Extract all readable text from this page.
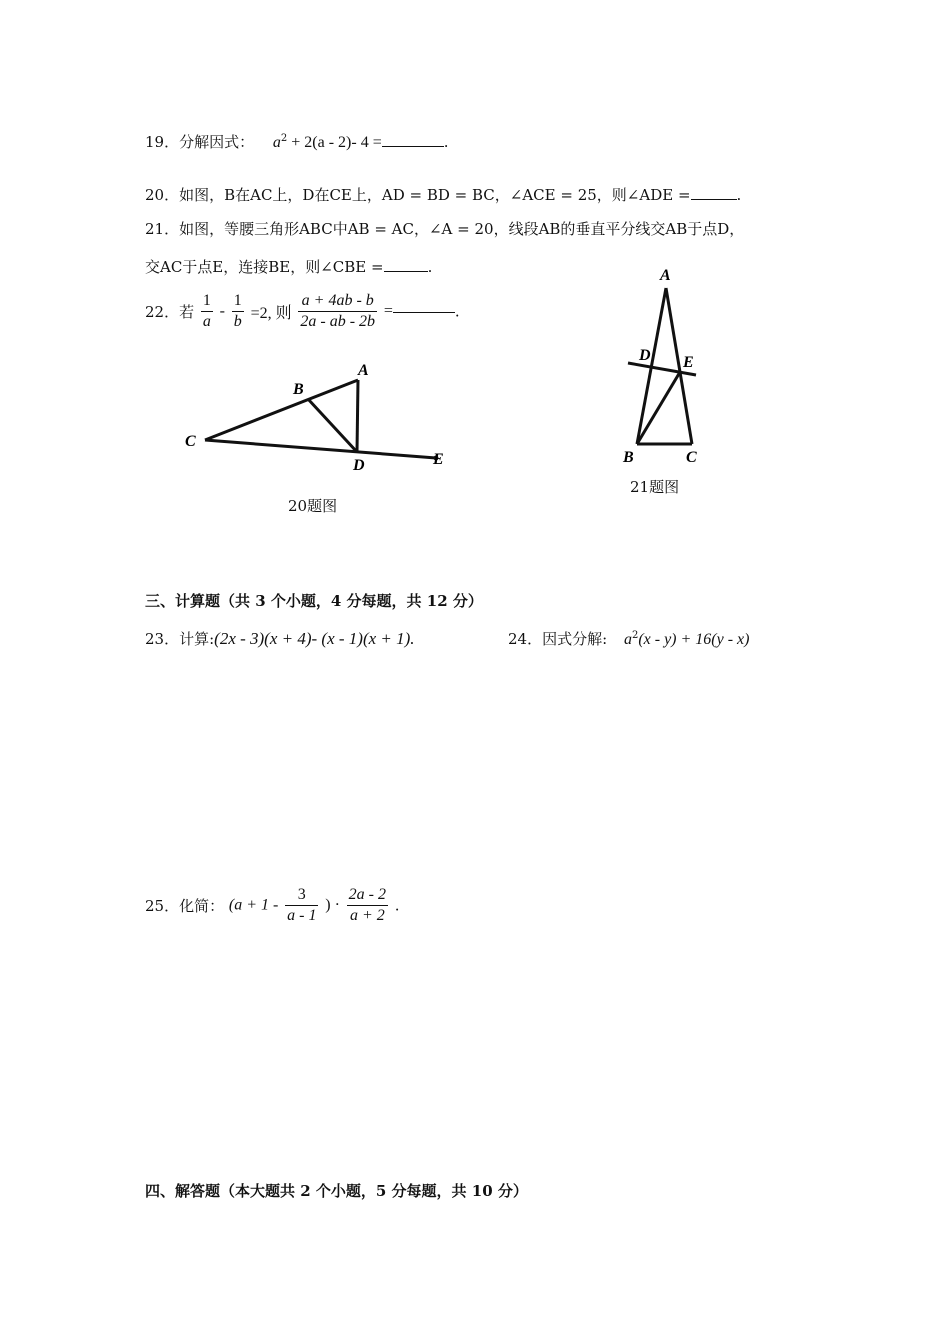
19．分解因式： $a^2 + 2(a - 2)-$ 4 =	.
20．如图，B在AC上，D在CE上，AD = BD = BC，∠ACE = 25，则∠ADE =	.
21．如图，等腰三角形ABC中AB = AC，∠A = 20，线段AB的垂直平分线交AB于点D，
交AC于点E，连接BE，则∠CBE =	.
22．若 $\frac{1}{a} - \frac{1}{b} =2$, 则 $\frac{a + 4ab - b}{2a - ab - 2b}$ =	.
A
B
C
D	E
20题图
A
D E
B	C
21题图
三、计算题（共 3 个小题，4 分每题，共 12 分）
23．计算:(2x - 3)(x + 4)- (x - 1)(x + 1).	24．因式分解: $a^2(x - y) + 16(y - x)$
25．化简： ($a + 1 - \frac{3}{a - 1}$ ) · $\frac{2a - 2}{a + 2}$ .
四、解答题（本大题共 2 个小题，5 分每题，共 10 分）
